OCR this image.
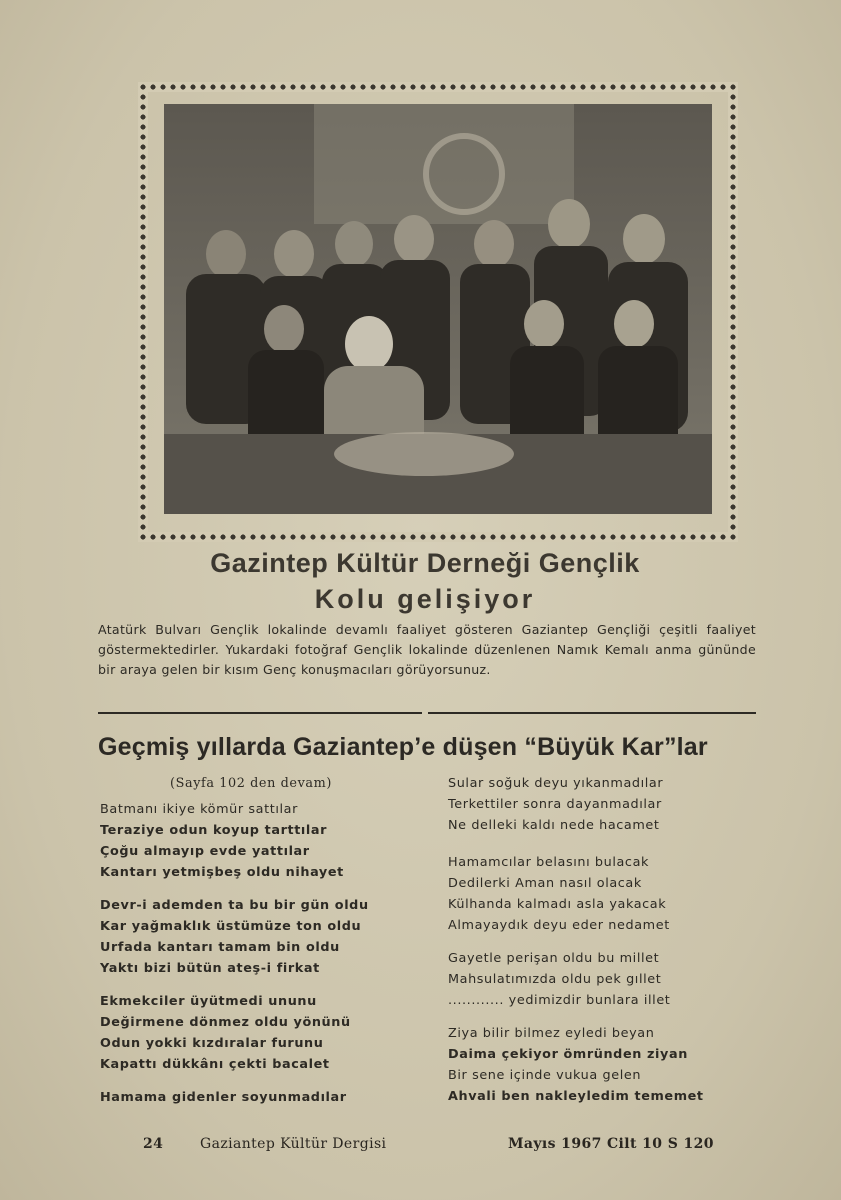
Gazintep Kültür Derneği Gençlik
Kolu gelişiyor
Atatürk Bulvarı Gençlik lokalinde devamlı faaliyet gösteren Gaziantep Gençliği çeşitli faaliyet göstermektedirler. Yukardaki fotoğraf Gençlik lokalinde düzenlenen Namık Kemalı anma gününde bir araya gelen bir kısım Genç konuşmacıları görüyorsunuz.
Geçmiş yıllarda Gaziantep’e düşen “Büyük Kar”lar
(Sayfa 102 den devam)
Batmanı ikiye kömür sattılar
Teraziye odun koyup tarttılar
Çoğu almayıp evde yattılar
Kantarı yetmişbeş oldu nihayet
Devr-i ademden ta bu bir gün oldu
Kar yağmaklık üstümüze ton oldu
Urfada kantarı tamam bin oldu
Yaktı bizi bütün ateş-i firkat
Ekmekciler üyütmedi ununu
Değirmene dönmez oldu yönünü
Odun yokki kızdıralar furunu
Kapattı dükkânı çekti bacalet
Hamama gidenler soyunmadılar
Sular soğuk deyu yıkanmadılar
Terkettiler sonra dayanmadılar
Ne delleki kaldı nede hacamet
Hamamcılar belasını bulacak
Dedilerki Aman nasıl olacak
Külhanda kalmadı asla yakacak
Almayaydık deyu eder nedamet
Gayetle perişan oldu bu millet
Mahsulatımızda oldu pek gıllet
............ yedimizdir bunlara illet
Ziya bilir bilmez eyledi beyan
Daima çekiyor ömründen ziyan
Bir sene içinde vukua gelen
Ahvali ben nakleyledim tememet
24	Gaziantep Kültür Dergisi	Mayıs 1967 Cilt 10 S 120
